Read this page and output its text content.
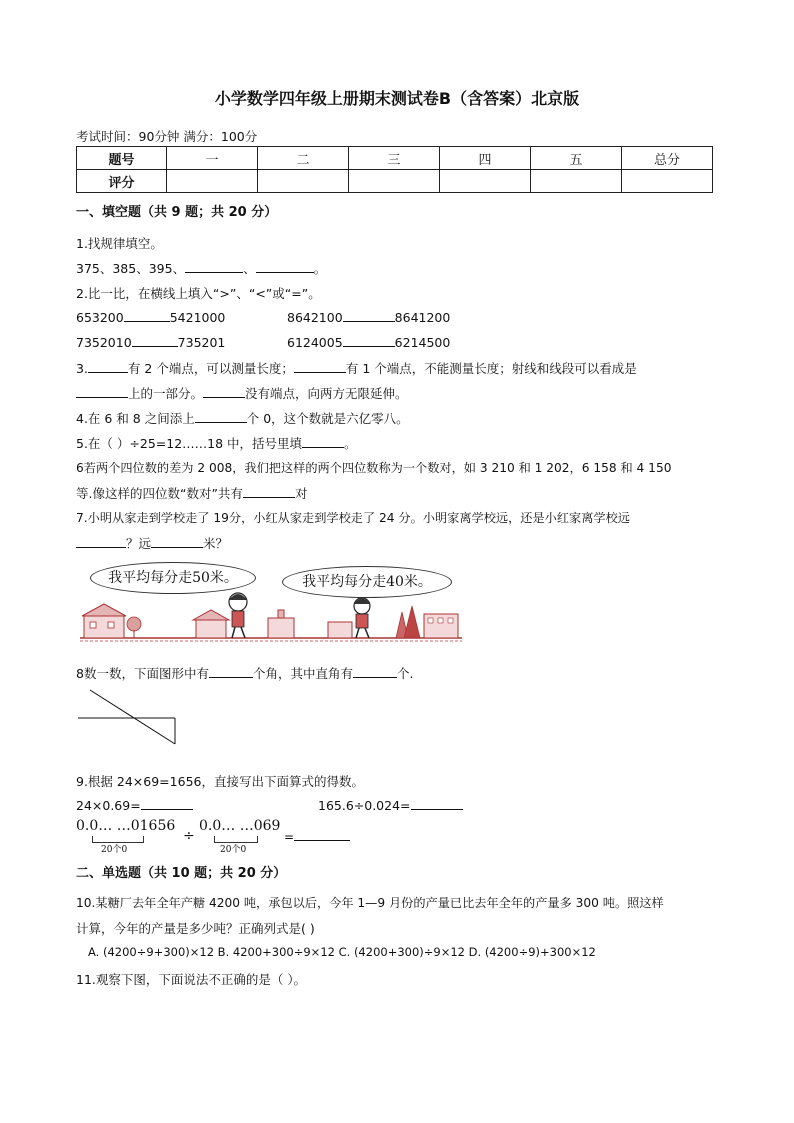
小学数学四年级上册期末测试卷B（含答案）北京版
考试时间：90分钟 满分：100分
题号	一	二	三	四	五	总分
评分						
一、填空题（共 9 题；共 20 分）
1.找规律填空。
375、385、395、	、	。
2.比一比，在横线上填入“>”、“<”或“=”。
653200	5421000	8642100	8641200
7352010	735201	6124005	6214500
3.	有 2 个端点，可以测量长度；	有 1 个端点，不能测量长度；射线和线段可以看成是
上的一部分。	没有端点，向两方无限延伸。
4.在 6 和 8 之间添上	个 0，这个数就是六亿零八。
5.在（ ）÷25=12……18 中，括号里填	。
6若两个四位数的差为 2 008，我们把这样的两个四位数称为一个数对，如 3 210 和 1 202，6 158 和 4 150
等.像这样的四位数“数对”共有	对
7.小明从家走到学校走了 19分，小红从家走到学校走了 24 分。小明家离学校远，还是小红家离学校远
？远	米？
我平均每分走50米。	我平均每分走40米。
8数一数，下面图形中有	个角，其中直角有	个.
9.根据 24×69=1656，直接写出下面算式的得数。
24×0.69=	165.6÷0.024=
0.0… …01656
20个0
÷
0.0… …069
20个0
=
二、单选题（共 10 题；共 20 分）
10.某糖厂去年全年产糖 4200 吨，承包以后，今年 1—9 月份的产量已比去年全年的产量多 300 吨。照这样
计算，今年的产量是多少吨？正确列式是( )
A. (4200÷9+300)×12 B. 4200+300÷9×12 C. (4200+300)÷9×12 D. (4200÷9)+300×12
11.观察下图，下面说法不正确的是（ ）。
